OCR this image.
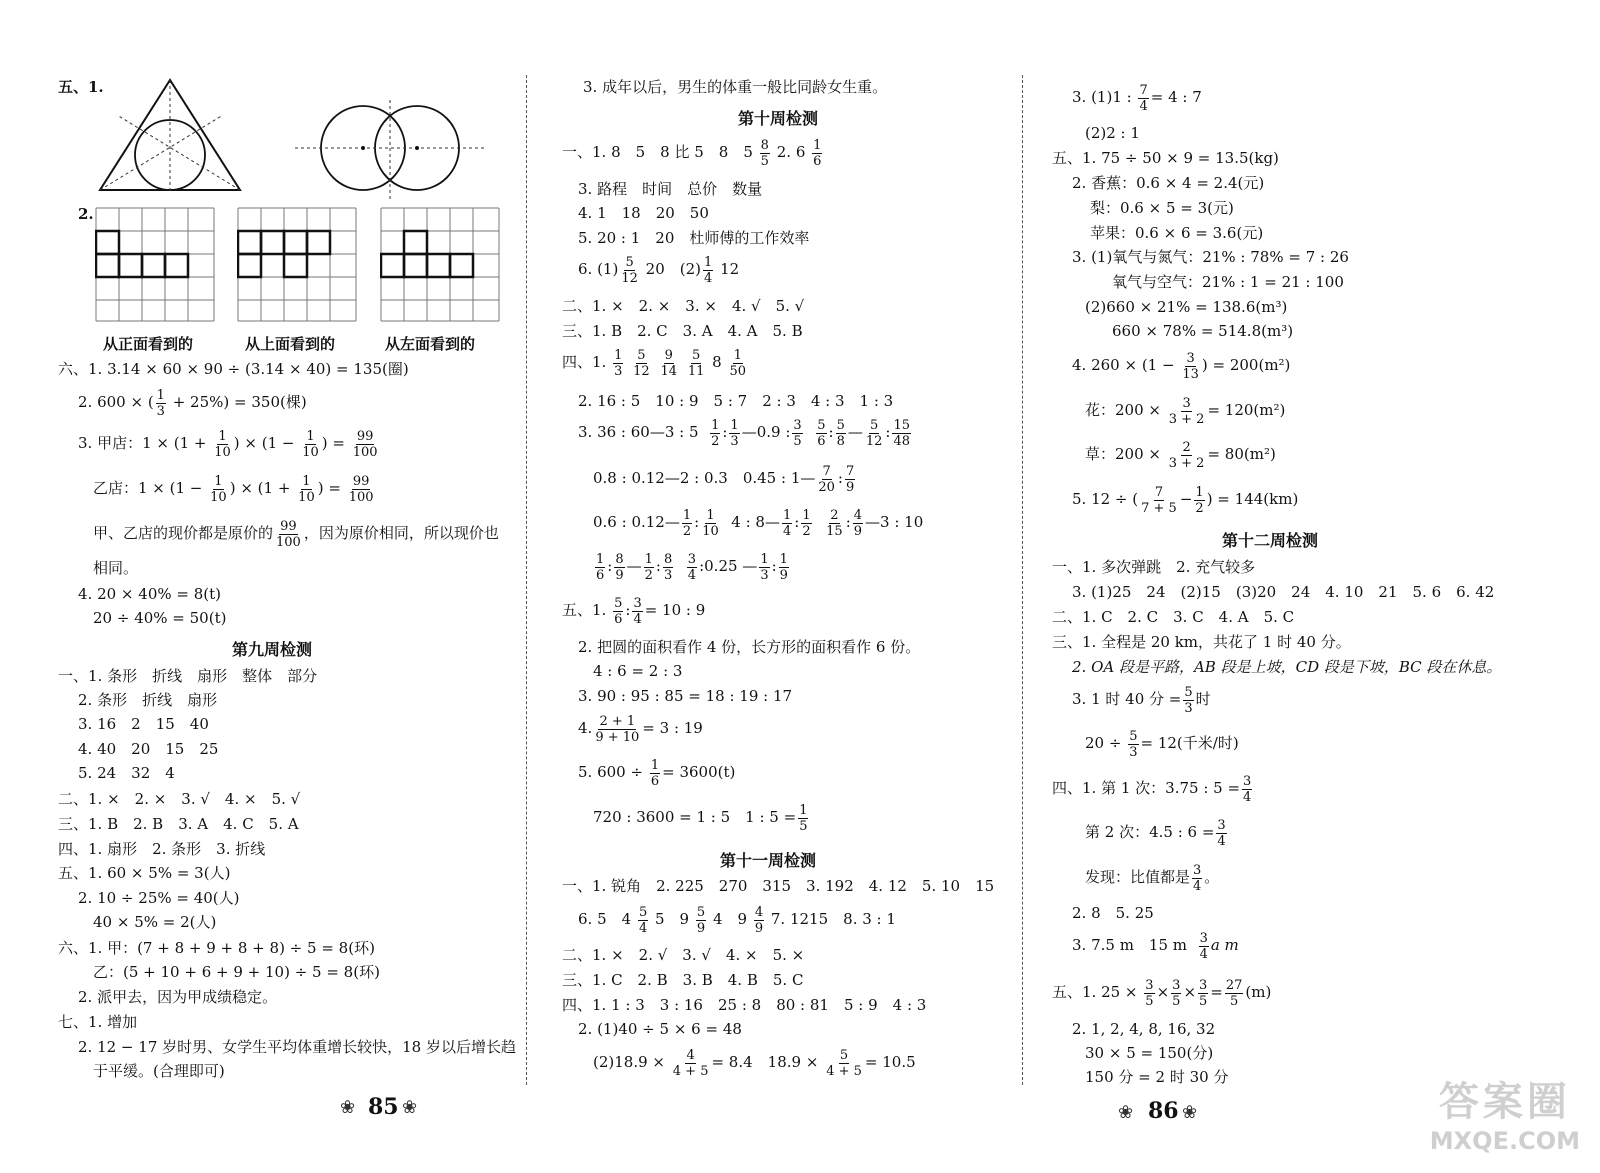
五、1.
2.
从正面看到的	从上面看到的	从左面看到的
六、1. 3.14 × 60 × 90 ÷ (3.14 × 40) = 135(圈)
2. 600 × ( $\frac{1}{3} + 25\%) = 350$(棵)
3. 甲店：$1 \times (1 + \frac{1}{10}$ ) × ($1 - \frac{1}{10}$ ) = $\frac{99}{100}$
乙店：$1 \times (1 - \frac{1}{10}$ ) × ($1 + \frac{1}{10}$ ) = $\frac{99}{100}$
甲、乙店的现价都是原价的 $\frac{99}{100}$ ，因为原价相同，所以现价也
相同。
4. 20 × 40% = 8(t)
20 ÷ 40% = 50(t)
第九周检测
一、1. 条形　折线　扇形　整体　部分
2. 条形　折线　扇形
3. 16　2　15　40
4. 40　20　15　25
5. 24　32　4
二、1. ×　2. ×　3. √　4. ×　5. √
三、1. B　2. B　3. A　4. C　5. A
四、1. 扇形　2. 条形　3. 折线
五、1. 60 × 5% = 3(人)
2. 10 ÷ 25% = 40(人)
40 × 5% = 2(人)
六、1. 甲：(7 + 8 + 9 + 8 + 8) ÷ 5 = 8(环)
乙：(5 + 10 + 6 + 9 + 10) ÷ 5 = 8(环)
2. 派甲去，因为甲成绩稳定。
七、1. 增加
2. 12 − 17 岁时男、女学生平均体重增长较快，18 岁以后增长趋
于平缓。(合理即可)
❀ 85 ❀
3. 成年以后，男生的体重一般比同龄女生重。
第十周检测
一、1. 8　5　8 比 5　8　$5 \frac{8}{5} 2$. $6 \frac{1}{6}$
3. 路程　时间　总价　数量
4. 1　18　20　50
5. 20 : 1　20　杜师傅的工作效率
6. $(1) \frac{5}{12} 20$　$(2) \frac{1}{4} 12$
二、1. ×　2. ×　3. ×　4. √　5. √
三、1. B　2. C　3. A　4. A　5. B
四、1. $\frac{1}{3}$
$\frac{5}{12}$
$\frac{9}{14}$
$\frac{5}{11} 8 \frac{1}{50}$
2. 16 : 5　10 : 9　5 : 7　2 : 3　4 : 3　1 : 3
3. 36 : 60—3 : $5 \frac{1}{2}$ : $\frac{1}{3}$ —0.9 : $\frac{3}{5}$
$\frac{5}{6}$ : $\frac{5}{8}$ — $\frac{5}{12}$ : $\frac{15}{48}$
0.8 : 0.12—2 : 0.3　0.45 : 1— $\frac{7}{20}$ : $\frac{7}{9}$
0.6 : 0.12— $\frac{1}{2}$ : $\frac{1}{10} 4$ : 8— $\frac{1}{4}$ : $\frac{1}{2}$
$\frac{2}{15}$ : $\frac{4}{9}$ —3 : 10
$\frac{1}{6}$ : $\frac{8}{9}$ — $\frac{1}{2}$ : $\frac{8}{3}$
$\frac{3}{4}$ :0.25 — $\frac{1}{3}$ : $\frac{1}{9}$
五、1. $\frac{5}{6}$ : $\frac{3}{4} = 10$ : 9
2. 把圆的面积看作 4 份，长方形的面积看作 6 份。
4 : 6 = 2 : 3
3. 90 : 95 : 85 = 18 : 19 : 17
4. $\frac{2 + 1}{9 + 10} = 3$ : 19
5. $600 \div \frac{1}{6} = 3600(t)$
720 : 3600 = 1 : 5　1 : $5 = \frac{1}{5}$
第十一周检测
一、1. 锐角　2. 225　270　315　3. 192　4. 12　5. 10　15
6. 5　$4 \frac{5}{4} 5$　$9 \frac{5}{9} 4$　$9 \frac{4}{9} 7$. 1215　8. 3 : 1
二、1. ×　2. √　3. √　4. ×　5. ×
三、1. C　2. B　3. B　4. B　5. C
四、1. 1 : 3　3 : 16　25 : 8　80 : 81　5 : 9　4 : 3
2. (1)40 ÷ 5 × 6 = 48
$(2)18.9 \times \frac{4}{4 + 5} = 8.4$　$18.9 \times \frac{5}{4 + 5} = 10.5$
❀ 86 ❀
3. (1)1 : $\frac{7}{4} = 4$ : 7
(2)2 : 1
五、1. 75 ÷ 50 × 9 = 13.5(kg)
2. 香蕉：0.6 × 4 = 2.4(元)
梨：0.6 × 5 = 3(元)
苹果：0.6 × 6 = 3.6(元)
3. (1)氧气与氮气：21% : 78% = 7 : 26
氧气与空气：21% : 1 = 21 : 100
(2)660 × 21% = 138.6(m³)
660 × 78% = 514.8(m³)
4. $260 \times (1 - \frac{3}{13}$ ) = 200(m²)
花：$200 \times \frac{3}{3 + 2} = 120(m^2)$
草：$200 \times \frac{2}{3 + 2} = 80(m^2)$
5. 12 ÷ ( $\frac{7}{7 + 5} - \frac{1}{2}$ ) = 144(km)
第十二周检测
一、1. 多次弹跳　2. 充气较多
3. (1)25　24　(2)15　(3)20　24　4. 10　21　5. 6　6. 42
二、1. C　2. C　3. C　4. A　5. C
三、1. 全程是 20 km，共花了 1 时 40 分。
2. OA 段是平路，AB 段是上坡，CD 段是下坡，BC 段在休息。
3. 1 时 40 分 = $\frac{5}{3}$ 时
$20 \div \frac{5}{3} = 12$(千米/时)
四、1. 第 1 次：3.75 : $5 = \frac{3}{4}$
第 2 次：4.5 : $6 = \frac{3}{4}$
发现：比值都是 $\frac{3}{4}$ 。
2. 8　5. 25
3. 7.5 m　15 m $\frac{3}{4}$ a m
五、1. $25 \times \frac{3}{5} \times \frac{3}{5} \times \frac{3}{5} = \frac{27}{5} (m)$
2. 1, 2, 4, 8, 16, 32
30 × 5 = 150(分)
150 分 = 2 时 30 分
答案圈
MXQE.COM
